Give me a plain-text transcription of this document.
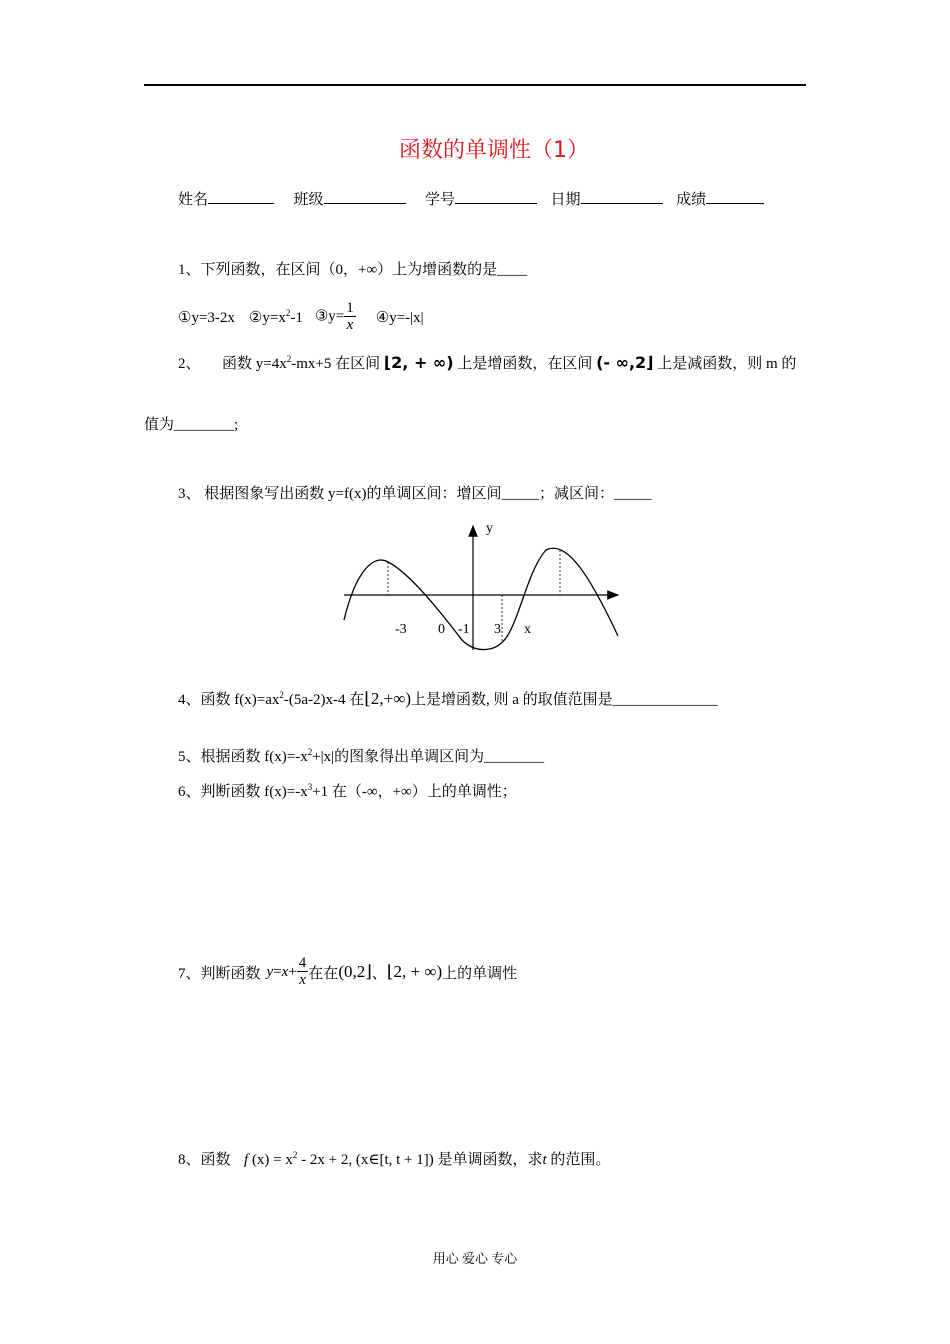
函数的单调性（1）
姓名	班级	学号	日期	成绩
1、下列函数，在区间（0，+∞）上为增函数的是____
①y=3-2x $②y=x^2-1$ ③y= $\frac{1}{x}$ ④y=-|x|
2、 函数 $y=4x^2-mx+5$ 在区间 ⌊2, + ∞) 上是增函数，在区间 (- ∞,2⌋ 上是减函数，则 m 的
值为________;
3、 根据图象写出函数 y=f(x)的单调区间：增区间_____；减区间：_____
y
-3 0 -1 3 x
4、函数 $f(x)=ax^2-(5a-2)x-4$ 在⌊2,+∞)上是增函数, 则 a 的取值范围是______________
5、根据函数 $f(x)=-x^2+|x|$的图象得出单调区间为________
6、判断函数 $f(x)=-x^3+1$ 在（-∞，+∞）上的单调性；
7、判断函数 $y = x + \frac{4}{x}$ 在在 (0,2⌋ 、 ⌊2, + ∞) 上的单调性
8、函数 f $(x) = x^2 - 2x + 2$, (x∈[t, t + 1]) 是单调函数，求t 的范围。
用心 爱心 专心
